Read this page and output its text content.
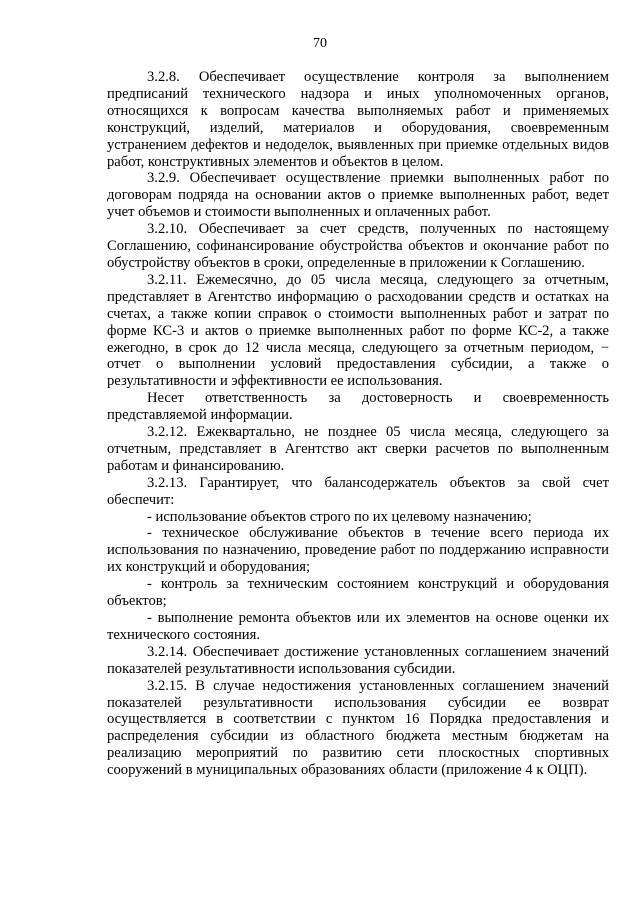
70

3.2.8. Обеспечивает осуществление контроля за выполнением предписаний технического надзора и иных уполномоченных органов, относящихся к вопросам качества выполняемых работ и применяемых конструкций, изделий, материалов и оборудования, своевременным устранением дефектов и недоделок, выявленных при приемке отдельных видов работ, конструктивных элементов и объектов в целом.

3.2.9. Обеспечивает осуществление приемки выполненных работ по договорам подряда на основании актов о приемке выполненных работ, ведет учет объемов и стоимости выполненных и оплаченных работ.

3.2.10. Обеспечивает за счет средств, полученных по настоящему Соглашению, софинансирование обустройства объектов и окончание работ по обустройству объектов в сроки, определенные в приложении к Соглашению.

3.2.11. Ежемесячно, до 05 числа месяца, следующего за отчетным, представляет в Агентство информацию о расходовании средств и остатках на счетах, а также копии справок о стоимости выполненных работ и затрат по форме КС-3 и актов о приемке выполненных работ по форме КС-2, а также ежегодно, в срок до 12 числа месяца, следующего за отчетным периодом, − отчет о выполнении условий предоставления субсидии, а также о результативности и эффективности ее использования.

Несет ответственность за достоверность и своевременность представляемой информации.

3.2.12. Ежеквартально, не позднее 05 числа месяца, следующего за отчетным, представляет в Агентство акт сверки расчетов по выполненным работам и финансированию.

3.2.13. Гарантирует, что балансодержатель объектов за свой счет обеспечит:

- использование объектов строго по их целевому назначению;

- техническое обслуживание объектов в течение всего периода их использования по назначению, проведение работ по поддержанию исправности их конструкций и оборудования;

- контроль за техническим состоянием конструкций и оборудования объектов;

- выполнение ремонта объектов или их элементов на основе оценки их технического состояния.

3.2.14. Обеспечивает достижение установленных соглашением значений показателей результативности использования субсидии.

3.2.15. В случае недостижения установленных соглашением значений показателей результативности использования субсидии ее возврат осуществляется в соответствии с пунктом 16 Порядка предоставления и распределения субсидии из областного бюджета местным бюджетам на реализацию мероприятий по развитию сети плоскостных спортивных сооружений в муниципальных образованиях области (приложение 4 к ОЦП).
